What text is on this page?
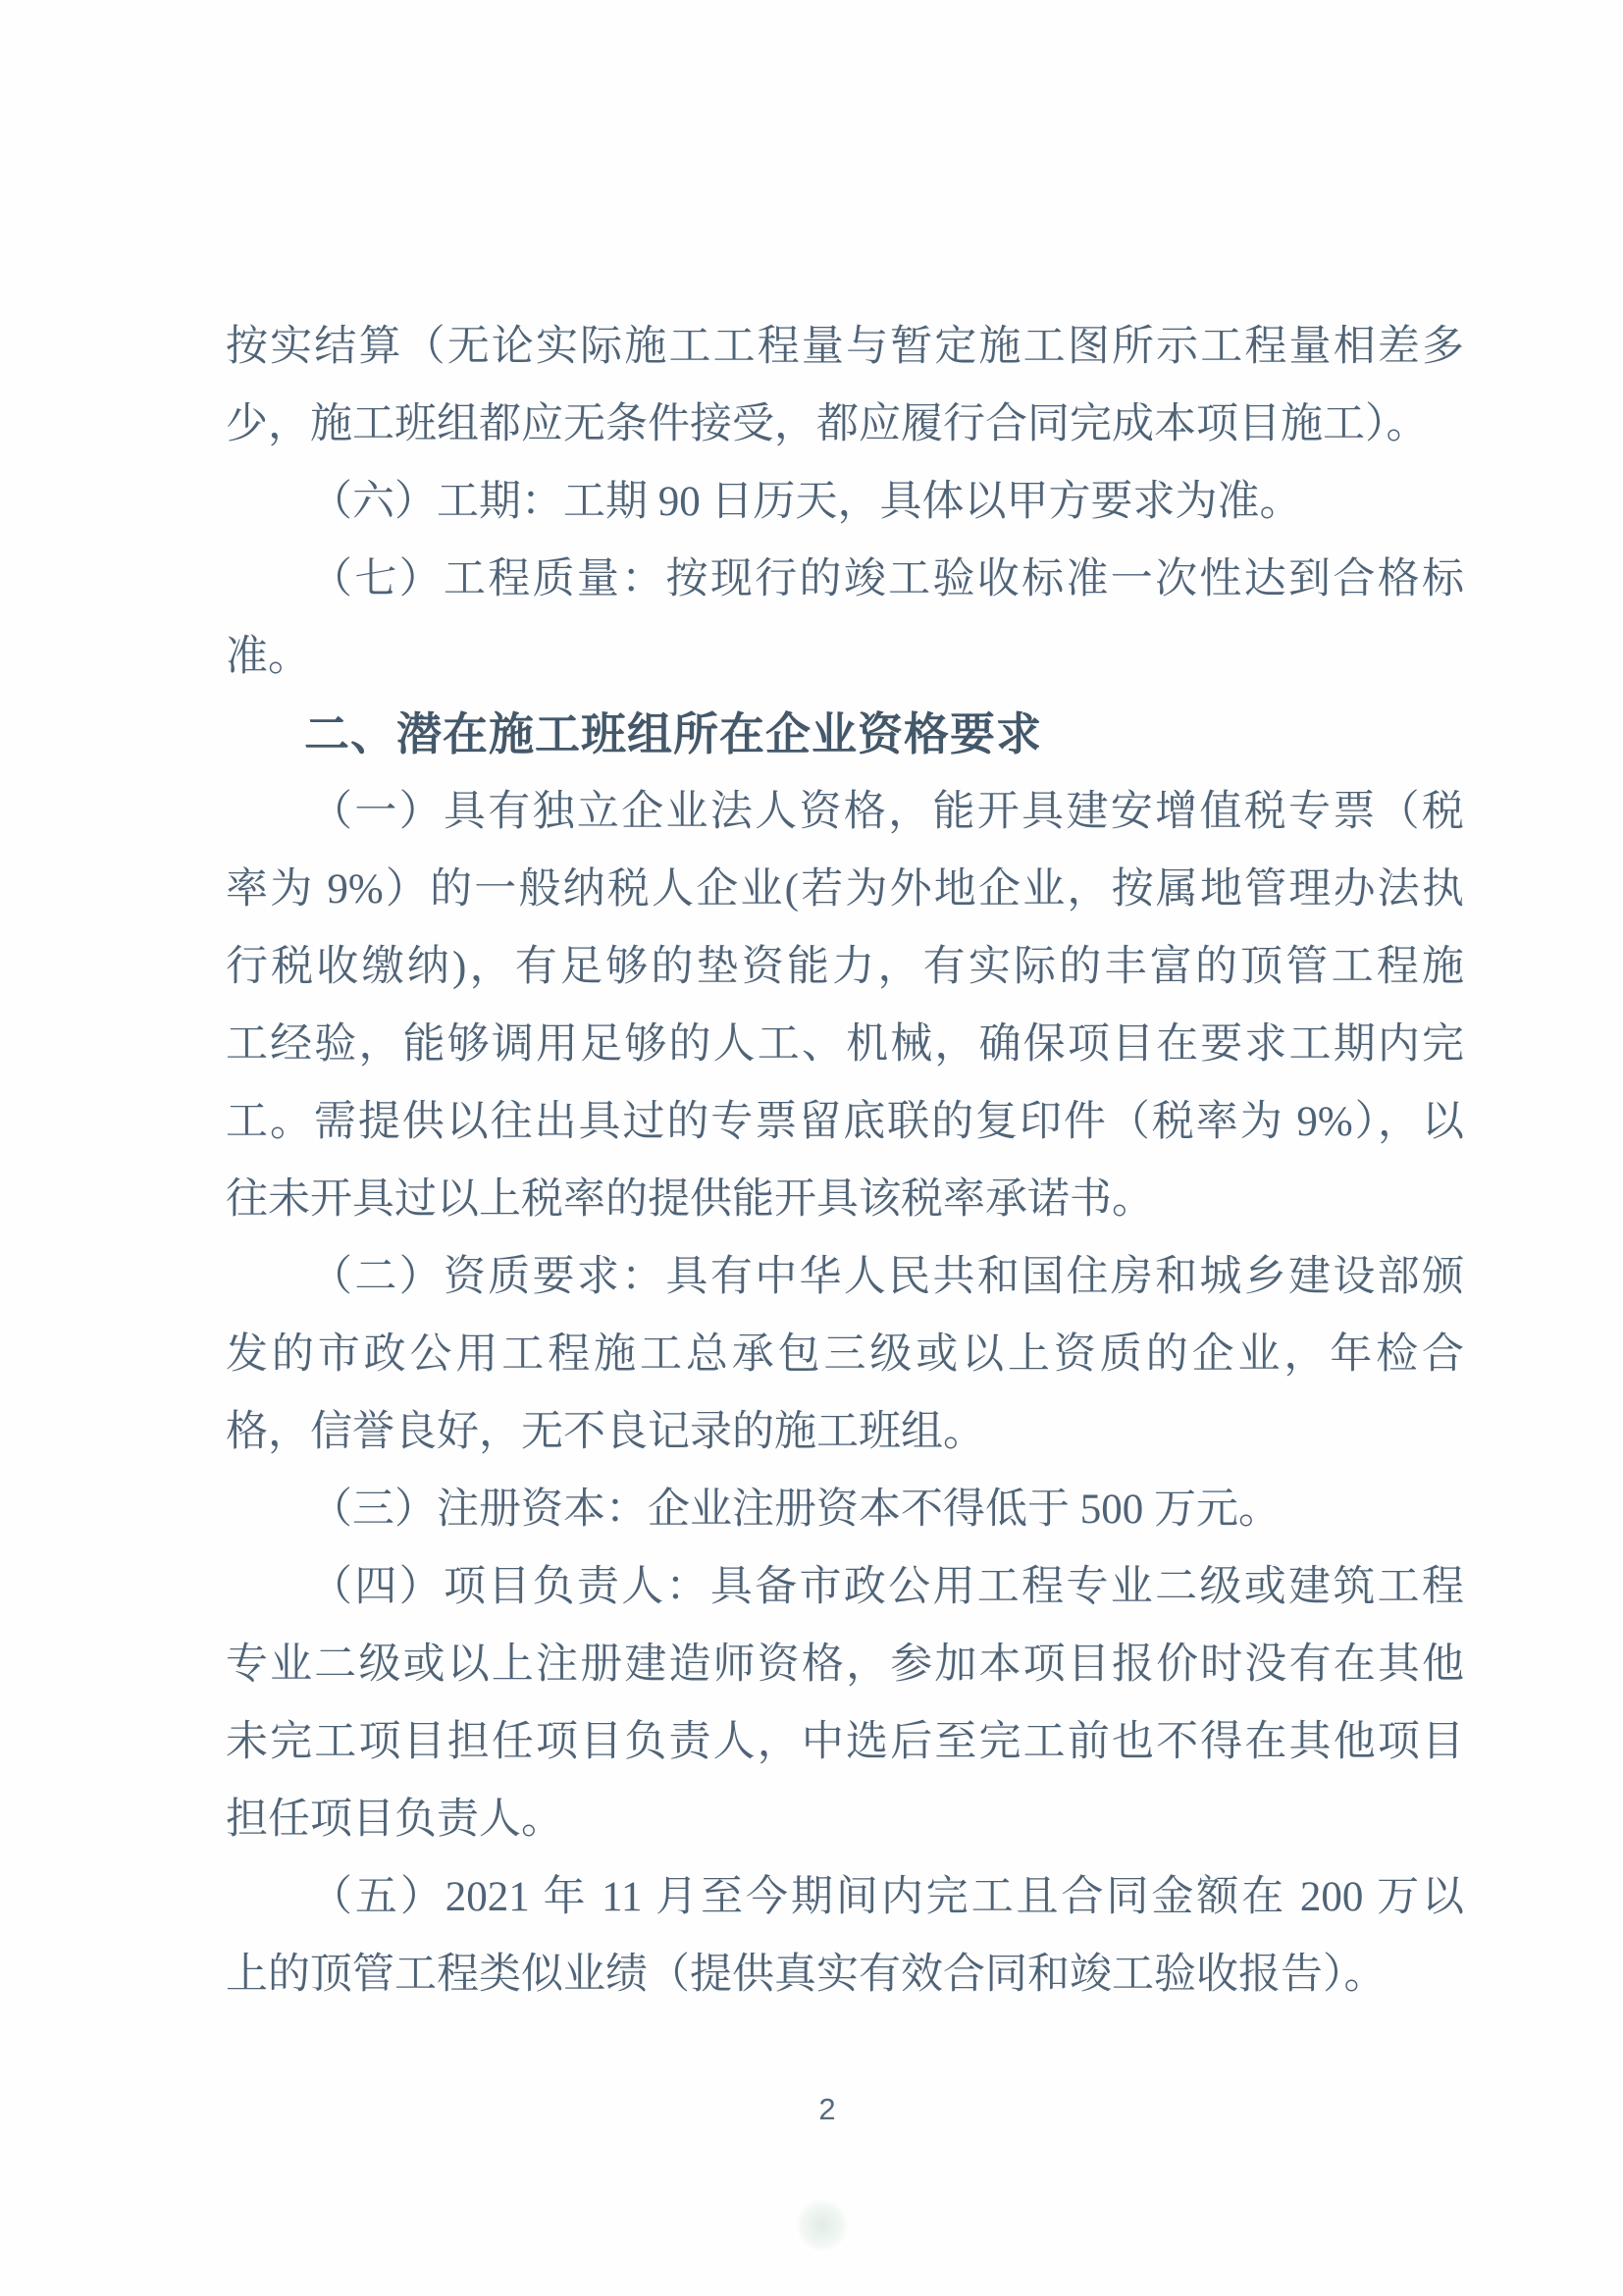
按实结算（无论实际施工工程量与暂定施工图所示工程量相差多
少，施工班组都应无条件接受，都应履行合同完成本项目施工）。
（六）工期：工期 90 日历天，具体以甲方要求为准。
（七）工程质量：按现行的竣工验收标准一次性达到合格标
准。
二、潜在施工班组所在企业资格要求
（一）具有独立企业法人资格，能开具建安增值税专票（税
率为 9%）的一般纳税人企业(若为外地企业，按属地管理办法执
行税收缴纳)，有足够的垫资能力，有实际的丰富的顶管工程施
工经验，能够调用足够的人工、机械，确保项目在要求工期内完
工。需提供以往出具过的专票留底联的复印件（税率为 9%），以
往未开具过以上税率的提供能开具该税率承诺书。
（二）资质要求：具有中华人民共和国住房和城乡建设部颁
发的市政公用工程施工总承包三级或以上资质的企业，年检合
格，信誉良好，无不良记录的施工班组。
（三）注册资本：企业注册资本不得低于 500 万元。
（四）项目负责人：具备市政公用工程专业二级或建筑工程
专业二级或以上注册建造师资格，参加本项目报价时没有在其他
未完工项目担任项目负责人，中选后至完工前也不得在其他项目
担任项目负责人。
（五）2021 年 11 月至今期间内完工且合同金额在 200 万以
上的顶管工程类似业绩（提供真实有效合同和竣工验收报告）。
2
